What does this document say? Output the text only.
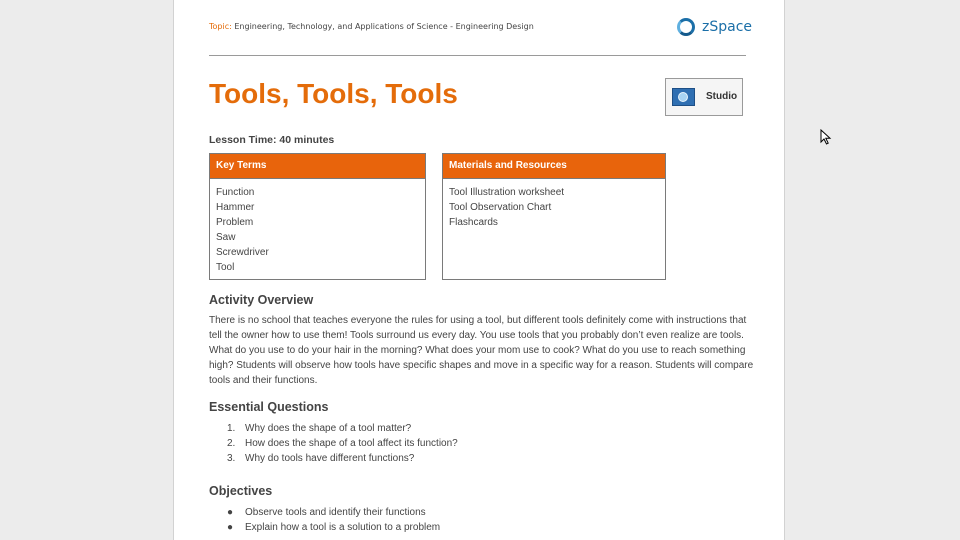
Topic: Engineering, Technology, and Applications of Science - Engineering Design	zSpace
Tools, Tools, Tools	Studio
Lesson Time: 40 minutes
Key Terms
Function
Hammer
Problem
Saw
Screwdriver
Tool
Materials and Resources
Tool Illustration worksheet
Tool Observation Chart
Flashcards
Activity Overview
There is no school that teaches everyone the rules for using a tool, but different tools definitely come with instructions that tell the owner how to use them! Tools surround us every day. You use tools that you probably don’t even realize are tools. What do you use to do your hair in the morning? What does your mom use to cook? What do you use to reach something high? Students will observe how tools have specific shapes and move in a specific way for a reason. Students will compare tools and their functions.
Essential Questions
1. Why does the shape of a tool matter?
2. How does the shape of a tool affect its function?
3. Why do tools have different functions?
Objectives
● Observe tools and identify their functions
● Explain how a tool is a solution to a problem
